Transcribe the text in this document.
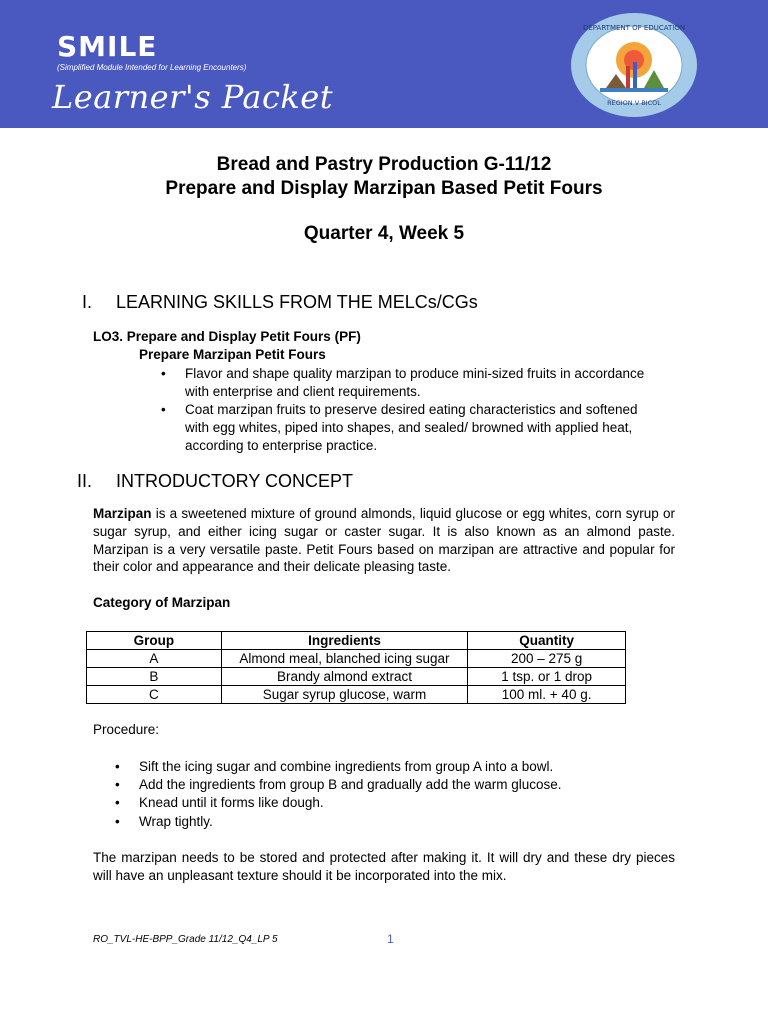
SMILE
(Simplified Module Intended for Learning Encounters)
Learner's Packet
DEPARTMENT OF EDUCATION
REGION V BICOL
Bread and Pastry Production G-11/12
Prepare and Display Marzipan Based Petit Fours
Quarter 4, Week 5
I. LEARNING SKILLS FROM THE MELCs/CGs
LO3. Prepare and Display Petit Fours (PF)
Prepare Marzipan Petit Fours
• Flavor and shape quality marzipan to produce mini-sized fruits in accordance
with enterprise and client requirements.
• Coat marzipan fruits to preserve desired eating characteristics and softened
with egg whites, piped into shapes, and sealed/ browned with applied heat,
according to enterprise practice.
II. INTRODUCTORY CONCEPT
Marzipan is a sweetened mixture of ground almonds, liquid glucose or egg whites, corn syrup or sugar syrup, and either icing sugar or caster sugar. It is also known as an almond paste. Marzipan is a very versatile paste. Petit Fours based on marzipan are attractive and popular for their color and appearance and their delicate pleasing taste.
Category of Marzipan
Group	Ingredients	Quantity
A	Almond meal, blanched icing sugar	200 – 275 g
B	Brandy almond extract	1 tsp. or 1 drop
C	Sugar syrup glucose, warm	100 ml. + 40 g.
Procedure:
• Sift the icing sugar and combine ingredients from group A into a bowl.
• Add the ingredients from group B and gradually add the warm glucose.
• Knead until it forms like dough.
• Wrap tightly.
The marzipan needs to be stored and protected after making it. It will dry and these dry pieces will have an unpleasant texture should it be incorporated into the mix.
RO_TVL-HE-BPP_Grade 11/12_Q4_LP 5	1
